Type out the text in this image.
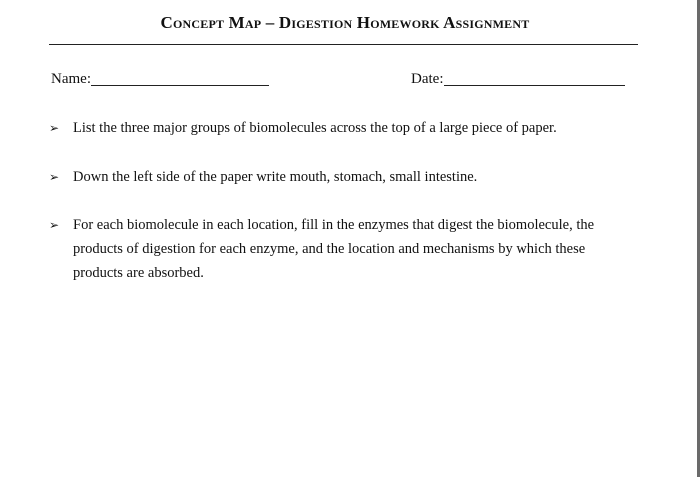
Concept Map – Digestion Homework Assignment
Name:	Date:
➢ List the three major groups of biomolecules across the top of a large piece of paper.
➢ Down the left side of the paper write mouth, stomach, small intestine.
➢ For each biomolecule in each location, fill in the enzymes that digest the biomolecule, the
products of digestion for each enzyme, and the location and mechanisms by which these
products are absorbed.
